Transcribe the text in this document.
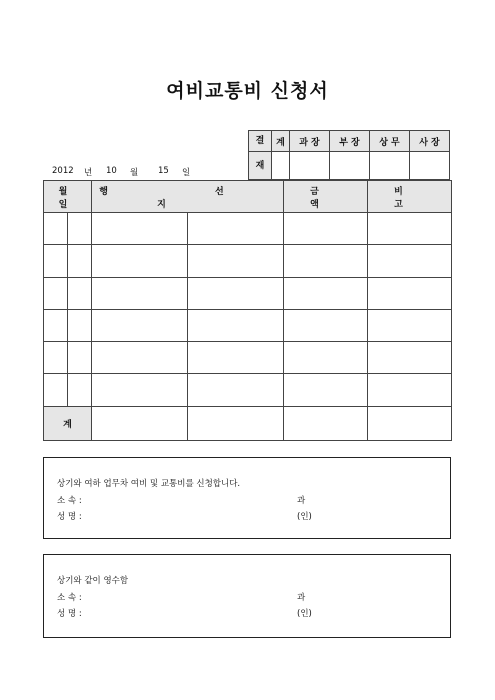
여비교통비 신청서
결	계	과 장	부 장	상 무	사 장
재					
2012	년	10	월	15	일
월 일		행 선 지		금 액	비 고

계					
상기와 여하 업무차 여비 및 교통비를 신청합니다.
소 속 :	과
성 명 :	(인)
상기와 같이 영수함
소 속 :	과
성 명 :	(인)
